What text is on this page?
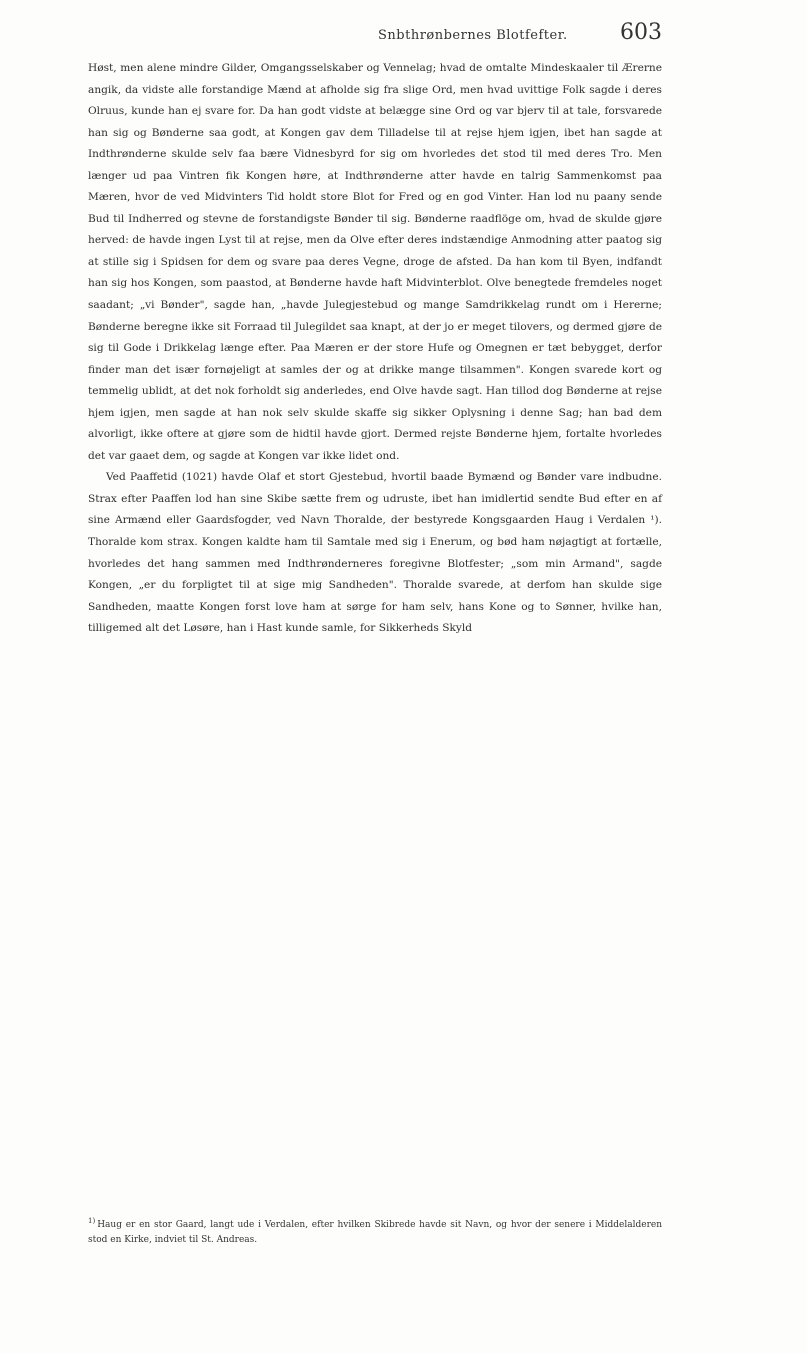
Snbthrønbernes Blotfefter. 603

Høst, men alene mindre Gilder, Omgangsselskaber og Vennelag; hvad de omtalte Mindeskaaler til Ærerne angik, da vidste alle forstandige Mænd at afholde sig fra slige Ord, men hvad uvittige Folk sagde i deres Olruus, kunde han ej svare for. Da han godt vidste at belægge sine Ord og var bjerv til at tale, forsvarede han sig og Bønderne saa godt, at Kongen gav dem Tilladelse til at rejse hjem igjen, ibet han sagde at Indthrønderne skulde selv faa bære Vidnesbyrd for sig om hvorledes det stod til med deres Tro. Men længer ud paa Vintren fik Kongen høre, at Indthrønderne atter havde en talrig Sammenkomst paa Mæren, hvor de ved Midvinters Tid holdt store Blot for Fred og en god Vinter. Han lod nu paany sende Bud til Indherred og stevne de forstandigste Bønder til sig. Bønderne raadflöge om, hvad de skulde gjøre herved: de havde ingen Lyst til at rejse, men da Olve efter deres indstændige Anmodning atter paatog sig at stille sig i Spidsen for dem og svare paa deres Vegne, droge de afsted. Da han kom til Byen, indfandt han sig hos Kongen, som paastod, at Bønderne havde haft Midvinterblot. Olve benegtede fremdeles noget saadant; „vi Bønder", sagde han, „havde Julegjestebud og mange Samdrikkelag rundt om i Hererne; Bønderne beregne ikke sit Forraad til Julegildet saa knapt, at der jo er meget tilovers, og dermed gjøre de sig til Gode i Drikkelag længe efter. Paa Mæren er der store Hufe og Omegnen er tæt bebygget, derfor finder man det især fornøjeligt at samles der og at drikke mange tilsammen". Kongen svarede kort og temmelig ublidt, at det nok forholdt sig anderledes, end Olve havde sagt. Han tillod dog Bønderne at rejse hjem igjen, men sagde at han nok selv skulde skaffe sig sikker Oplysning i denne Sag; han bad dem alvorligt, ikke oftere at gjøre som de hidtil havde gjort. Dermed rejste Bønderne hjem, fortalte hvorledes det var gaaet dem, og sagde at Kongen var ikke lidet ond.

Ved Paaffetid (1021) havde Olaf et stort Gjestebud, hvortil baade Bymænd og Bønder vare indbudne. Strax efter Paaffen lod han sine Skibe sætte frem og udruste, ibet han imidlertid sendte Bud efter en af sine Armænd eller Gaardsfogder, ved Navn Thoralde, der bestyrede Kongsgaarden Haug i Verdalen ¹). Thoralde kom strax. Kongen kaldte ham til Samtale med sig i Enerum, og bød ham nøjagtigt at fortælle, hvorledes det hang sammen med Indthrønderneres foregivne Blotfester; „som min Armand", sagde Kongen, „er du forpligtet til at sige mig Sandheden". Thoralde svarede, at derfom han skulde sige Sandheden, maatte Kongen forst love ham at sørge for ham selv, hans Kone og to Sønner, hvilke han, tilligemed alt det Løsøre, han i Hast kunde samle, for Sikkerheds Skyld

$^{1)}$ Haug er en stor Gaard, langt ude i Verdalen, efter hvilken Skibrede havde sit Navn, og hvor der senere i Middelalderen stod en Kirke, indviet til St. Andreas.
